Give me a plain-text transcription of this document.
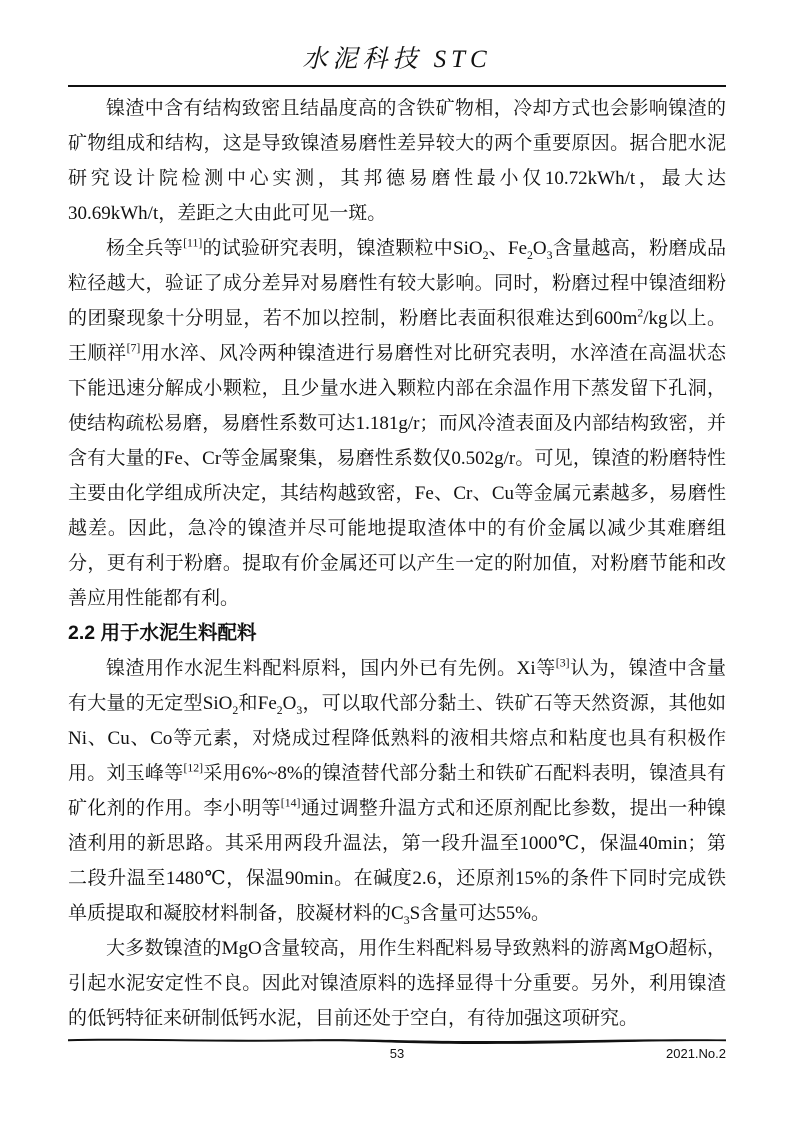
水泥科技 STC

镍渣中含有结构致密且结晶度高的含铁矿物相，冷却方式也会影响镍渣的矿物组成和结构，这是导致镍渣易磨性差异较大的两个重要原因。据合肥水泥研究设计院检测中心实测，其邦德易磨性最小仅10.72kWh/t，最大达30.69kWh/t，差距之大由此可见一斑。

杨全兵等[11]的试验研究表明，镍渣颗粒中SiO$_2$、$Fe_2O_3$含量越高，粉磨成品粒径越大，验证了成分差异对易磨性有较大影响。同时，粉磨过程中镍渣细粉的团聚现象十分明显，若不加以控制，粉磨比表面积很难达到$600m^2/kg$以上。王顺祥[7]用水淬、风冷两种镍渣进行易磨性对比研究表明，水淬渣在高温状态下能迅速分解成小颗粒，且少量水进入颗粒内部在余温作用下蒸发留下孔洞，使结构疏松易磨，易磨性系数可达1.181g/r；而风冷渣表面及内部结构致密，并含有大量的Fe、Cr等金属聚集，易磨性系数仅0.502g/r。可见，镍渣的粉磨特性主要由化学组成所决定，其结构越致密，Fe、Cr、Cu等金属元素越多，易磨性越差。因此，急冷的镍渣并尽可能地提取渣体中的有价金属以减少其难磨组分，更有利于粉磨。提取有价金属还可以产生一定的附加值，对粉磨节能和改善应用性能都有利。

2.2 用于水泥生料配料

镍渣用作水泥生料配料原料，国内外已有先例。Xi等[3]认为，镍渣中含量有大量的无定型SiO$_2$和$Fe_2O_3$，可以取代部分黏土、铁矿石等天然资源，其他如Ni、Cu、Co等元素，对烧成过程降低熟料的液相共熔点和粘度也具有积极作用。刘玉峰等[12]采用6%~8%的镍渣替代部分黏土和铁矿石配料表明，镍渣具有矿化剂的作用。李小明等[14]通过调整升温方式和还原剂配比参数，提出一种镍渣利用的新思路。其采用两段升温法，第一段升温至1000℃，保温40min；第二段升温至1480℃，保温90min。在碱度2.6，还原剂15%的条件下同时完成铁单质提取和凝胶材料制备，胶凝材料的$C_3S$含量可达55%。

大多数镍渣的MgO含量较高，用作生料配料易导致熟料的游离MgO超标，引起水泥安定性不良。因此对镍渣原料的选择显得十分重要。另外，利用镍渣的低钙特征来研制低钙水泥，目前还处于空白，有待加强这项研究。

53	2021.No.2
